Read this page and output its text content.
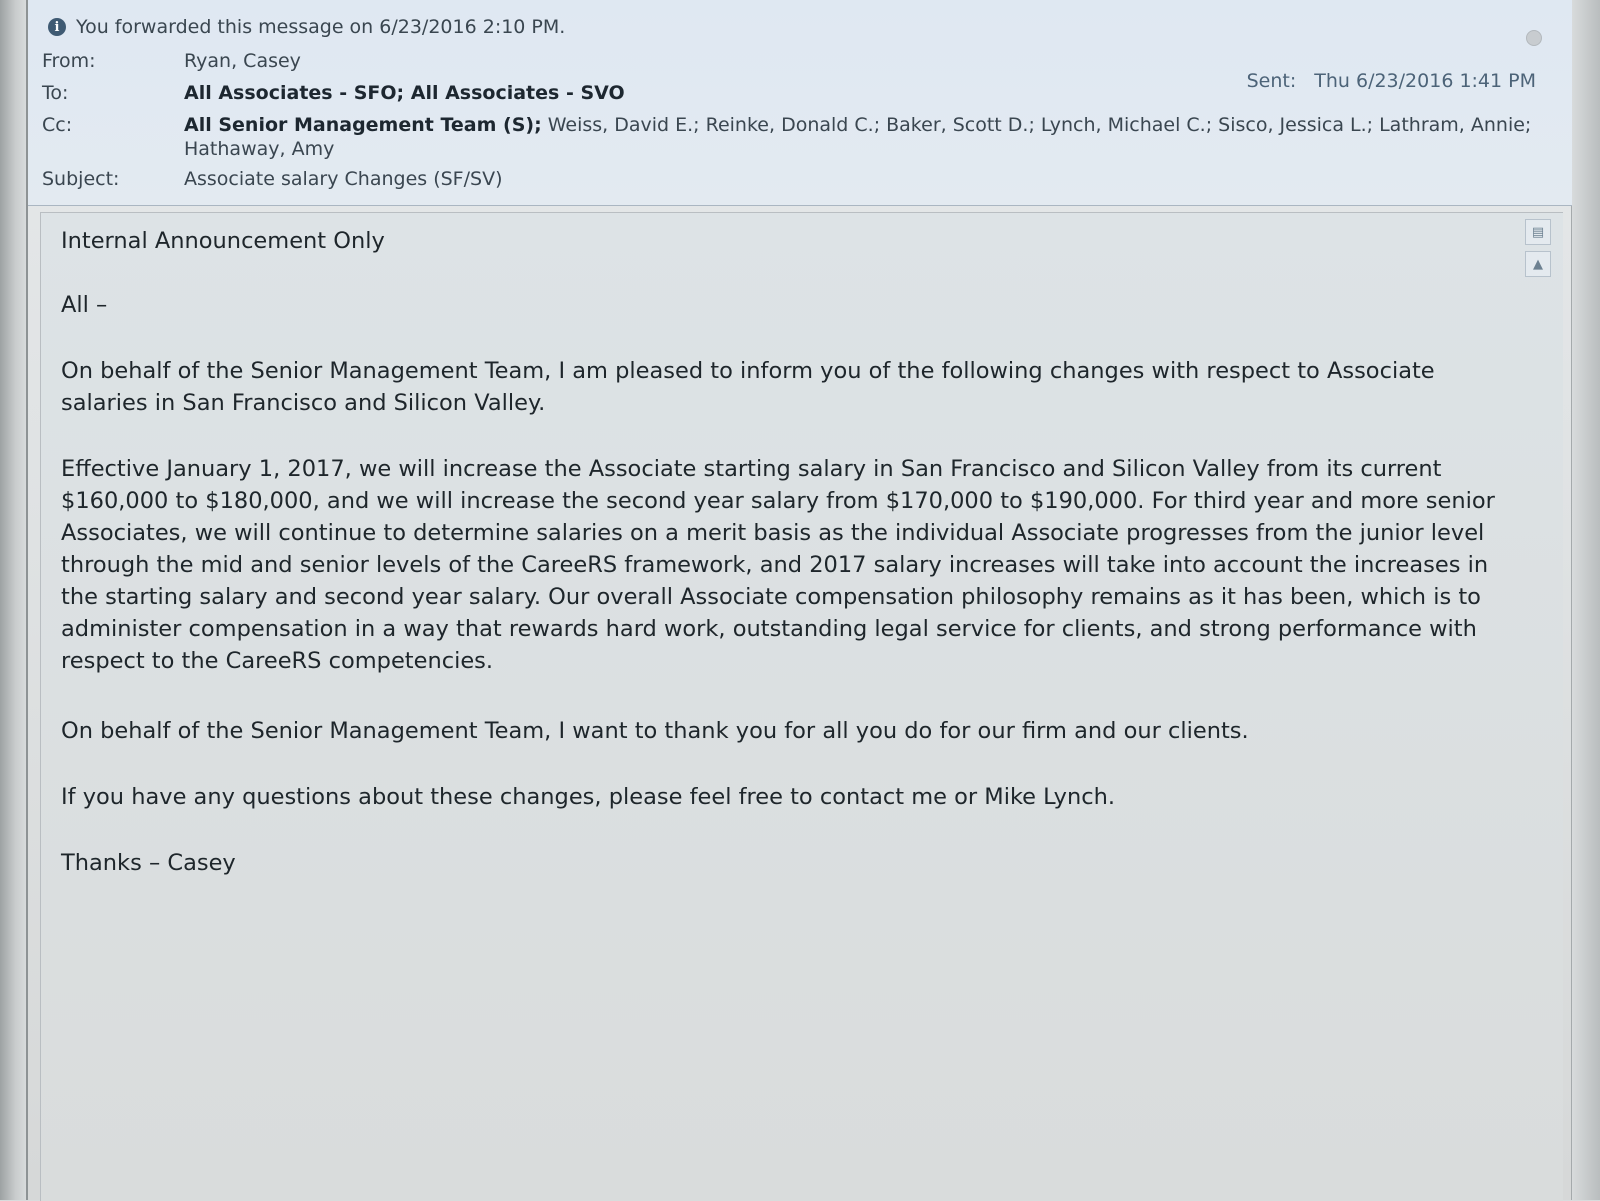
i You forwarded this message on 6/23/2016 2:10 PM.
From:	Ryan, Casey
To:	All Associates - SFO; All Associates - SVO
Cc:	All Senior Management Team (S); Weiss, David E.; Reinke, Donald C.; Baker, Scott D.; Lynch, Michael C.; Sisco, Jessica L.; Lathram, Annie;
Hathaway, Amy
Subject:	Associate salary Changes (SF/SV)
Sent: Thu 6/23/2016 1:41 PM
▤
▲
Internal Announcement Only
All –
On behalf of the Senior Management Team, I am pleased to inform you of the following changes with respect to Associate salaries in San Francisco and Silicon Valley.
Effective January 1, 2017, we will increase the Associate starting salary in San Francisco and Silicon Valley from its current $160,000 to $180,000, and we will increase the second year salary from $170,000 to $190,000. For third year and more senior Associates, we will continue to determine salaries on a merit basis as the individual Associate progresses from the junior level through the mid and senior levels of the CareeRS framework, and 2017 salary increases will take into account the increases in the starting salary and second year salary. Our overall Associate compensation philosophy remains as it has been, which is to administer compensation in a way that rewards hard work, outstanding legal service for clients, and strong performance with respect to the CareeRS competencies.
On behalf of the Senior Management Team, I want to thank you for all you do for our firm and our clients.
If you have any questions about these changes, please feel free to contact me or Mike Lynch.
Thanks – Casey
